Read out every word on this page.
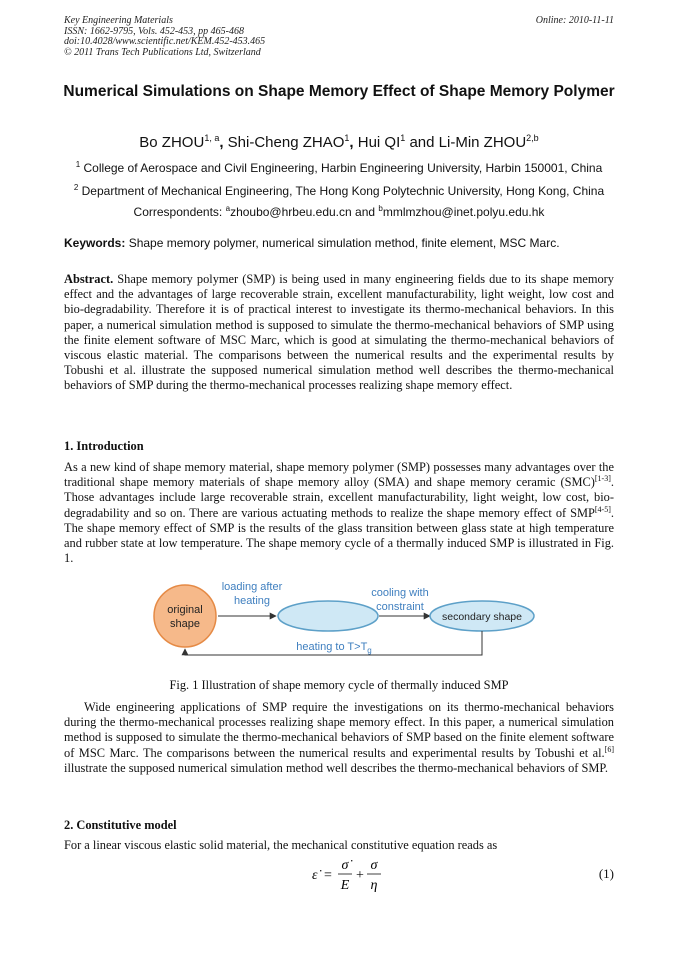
Key Engineering Materials
ISSN: 1662-9795, Vols. 452-453, pp 465-468
doi:10.4028/www.scientific.net/KEM.452-453.465
© 2011 Trans Tech Publications Ltd, Switzerland
Online: 2010-11-11
Numerical Simulations on Shape Memory Effect of Shape Memory Polymer
Bo ZHOU$^{1, a}$, Shi-Cheng ZHAO$^1$, Hui $QI^1$ and Li-Min ZHOU$^{2,b}$
$^1$ College of Aerospace and Civil Engineering, Harbin Engineering University, Harbin 150001, China
$^2$ Department of Mechanical Engineering, The Hong Kong Polytechnic University, Hong Kong, China
Correspondents: $^a$zhoubo@hrbeu.edu.cn and $^b$mmlmzhou@inet.polyu.edu.hk
Keywords: Shape memory polymer, numerical simulation method, finite element, MSC Marc.
Abstract. Shape memory polymer (SMP) is being used in many engineering fields due to its shape memory effect and the advantages of large recoverable strain, excellent manufacturability, light weight, low cost and bio-degradability. Therefore it is of practical interest to investigate its thermo-mechanical behaviors. In this paper, a numerical simulation method is supposed to simulate the thermo-mechanical behaviors of SMP using the finite element software of MSC Marc, which is good at simulating the thermo-mechanical behaviors of viscous elastic material. The comparisons between the numerical results and the experimental results by Tobushi et al. illustrate the supposed numerical simulation method well describes the thermo-mechanical behaviors of SMP during the thermo-mechanical processes realizing shape memory effect.
1. Introduction
As a new kind of shape memory material, shape memory polymer (SMP) possesses many advantages over the traditional shape memory materials of shape memory alloy (SMA) and shape memory ceramic (SMC)[1-3]. Those advantages include large recoverable strain, excellent manufacturability, light weight, low cost, bio-degradability and so on. There are various actuating methods to realize the shape memory effect of SMP[4-5]. The shape memory effect of SMP is the results of the glass transition between glass state at high temperature and rubber state at low temperature. The shape memory cycle of a thermally induced SMP is illustrated in Fig. 1.
original
shape
loading after
heating
cooling with
constraint
secondary shape
heating to $T>T_g$
Fig. 1 Illustration of shape memory cycle of thermally induced SMP
Wide engineering applications of SMP require the investigations on its thermo-mechanical behaviors during the thermo-mechanical processes realizing shape memory effect. In this paper, a numerical simulation method is supposed to simulate the thermo-mechanical behaviors of SMP based on the finite element software of MSC Marc. The comparisons between the numerical results and experimental results by Tobushi et al.[6] illustrate the supposed numerical simulation method well describes the thermo-mechanical behaviors of SMP.
2. Constitutive model
For a linear viscous elastic solid material, the mechanical constitutive equation reads as
ε̇ =
σ̇
E
+
σ
η
(1)
